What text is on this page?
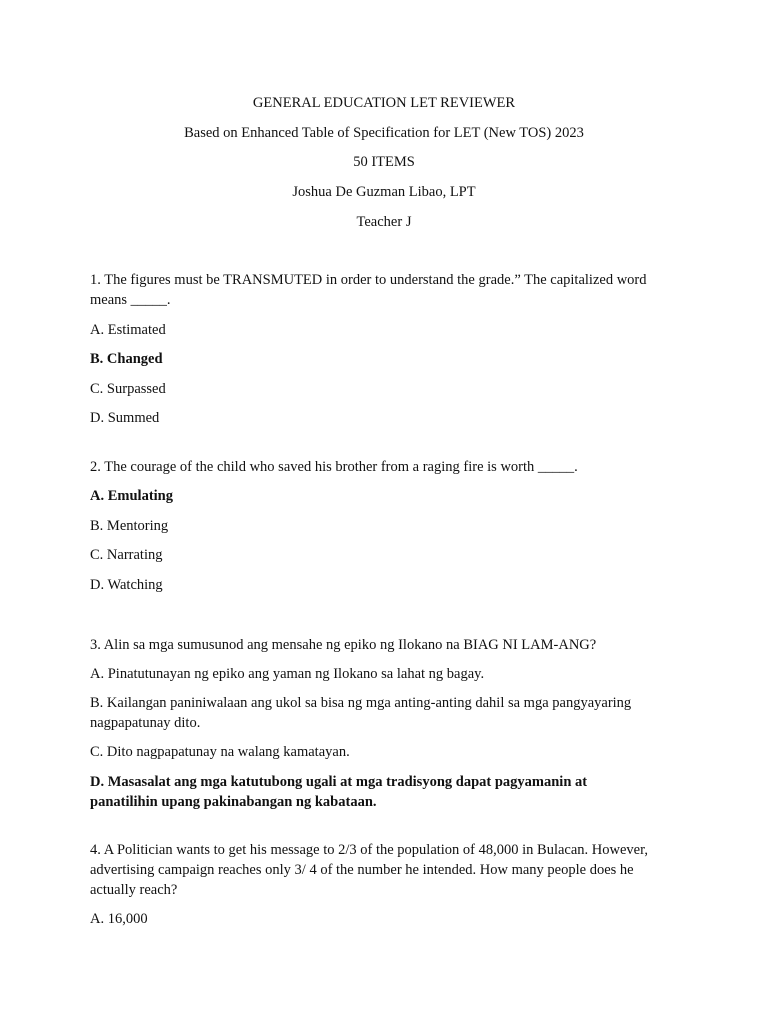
GENERAL EDUCATION LET REVIEWER
Based on Enhanced Table of Specification for LET (New TOS) 2023
50 ITEMS
Joshua De Guzman Libao, LPT
Teacher J
1. The figures must be TRANSMUTED in order to understand the grade.” The capitalized word
means _____.
A. Estimated
B. Changed
C. Surpassed
D. Summed
2. The courage of the child who saved his brother from a raging fire is worth _____.
A. Emulating
B. Mentoring
C. Narrating
D. Watching
3. Alin sa mga sumusunod ang mensahe ng epiko ng Ilokano na BIAG NI LAM-ANG?
A. Pinatutunayan ng epiko ang yaman ng Ilokano sa lahat ng bagay.
B. Kailangan paniniwalaan ang ukol sa bisa ng mga anting-anting dahil sa mga pangyayaring
nagpapatunay dito.
C. Dito nagpapatunay na walang kamatayan.
D. Masasalat ang mga katutubong ugali at mga tradisyong dapat pagyamanin at
panatilihin upang pakinabangan ng kabataan.
4. A Politician wants to get his message to 2/3 of the population of 48,000 in Bulacan. However,
advertising campaign reaches only 3/ 4 of the number he intended. How many people does he
actually reach?
A. 16,000
